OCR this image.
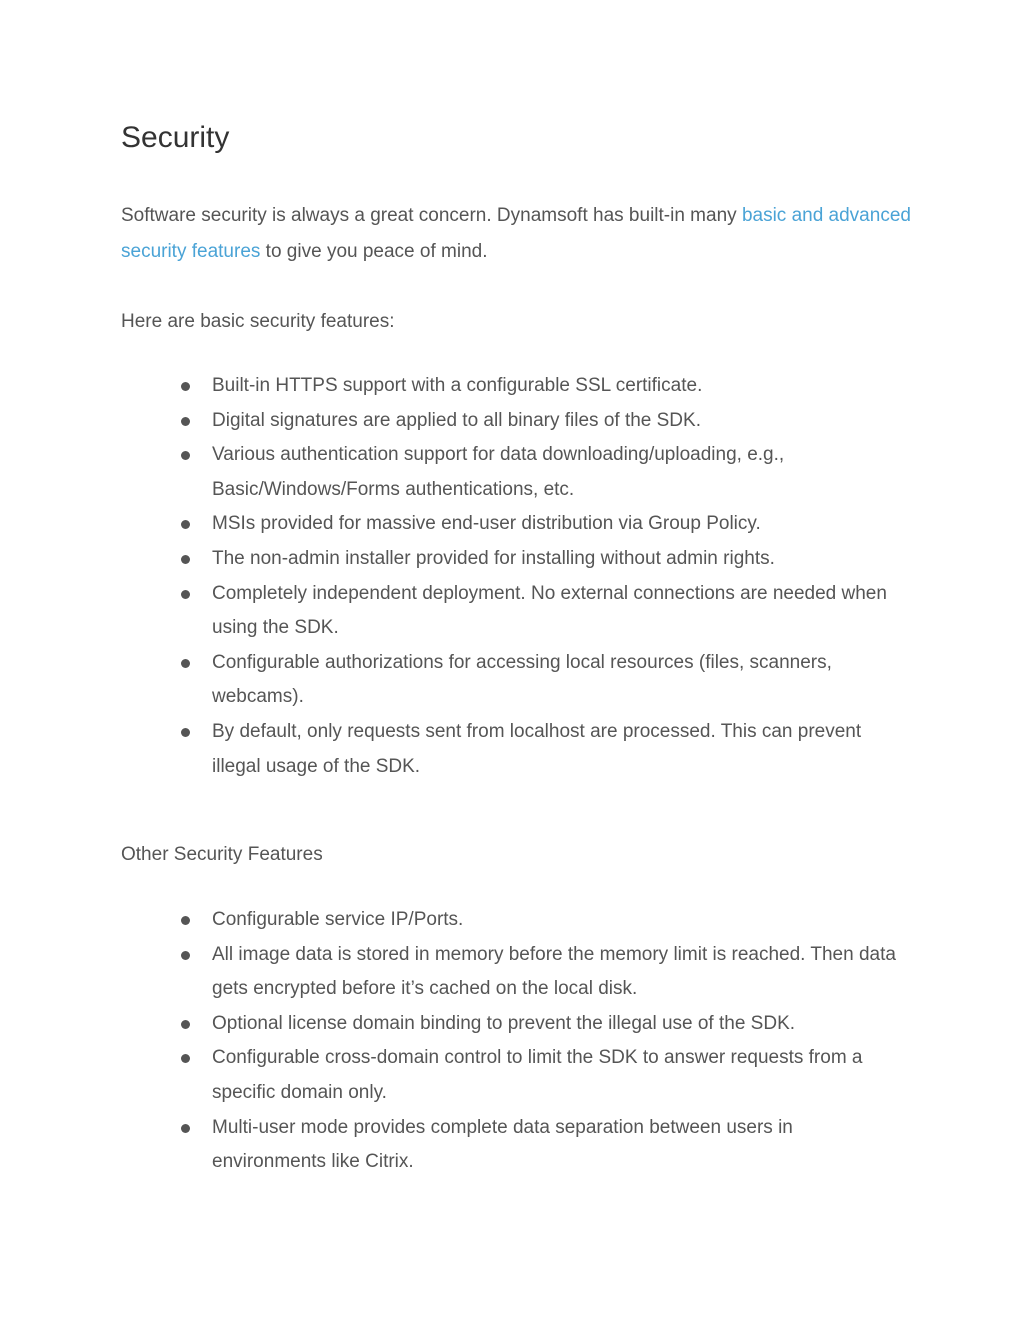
Security

Software security is always a great concern. Dynamsoft has built-in many basic and advanced security features to give you peace of mind.

Here are basic security features:

Built-in HTTPS support with a configurable SSL certificate.
Digital signatures are applied to all binary files of the SDK.
Various authentication support for data downloading/uploading, e.g., Basic/Windows/Forms authentications, etc.
MSIs provided for massive end-user distribution via Group Policy.
The non-admin installer provided for installing without admin rights.
Completely independent deployment. No external connections are needed when using the SDK.
Configurable authorizations for accessing local resources (files, scanners, webcams).
By default, only requests sent from localhost are processed. This can prevent illegal usage of the SDK.

Other Security Features

Configurable service IP/Ports.
All image data is stored in memory before the memory limit is reached. Then data gets encrypted before it’s cached on the local disk.
Optional license domain binding to prevent the illegal use of the SDK.
Configurable cross-domain control to limit the SDK to answer requests from a specific domain only.
Multi-user mode provides complete data separation between users in environments like Citrix.
